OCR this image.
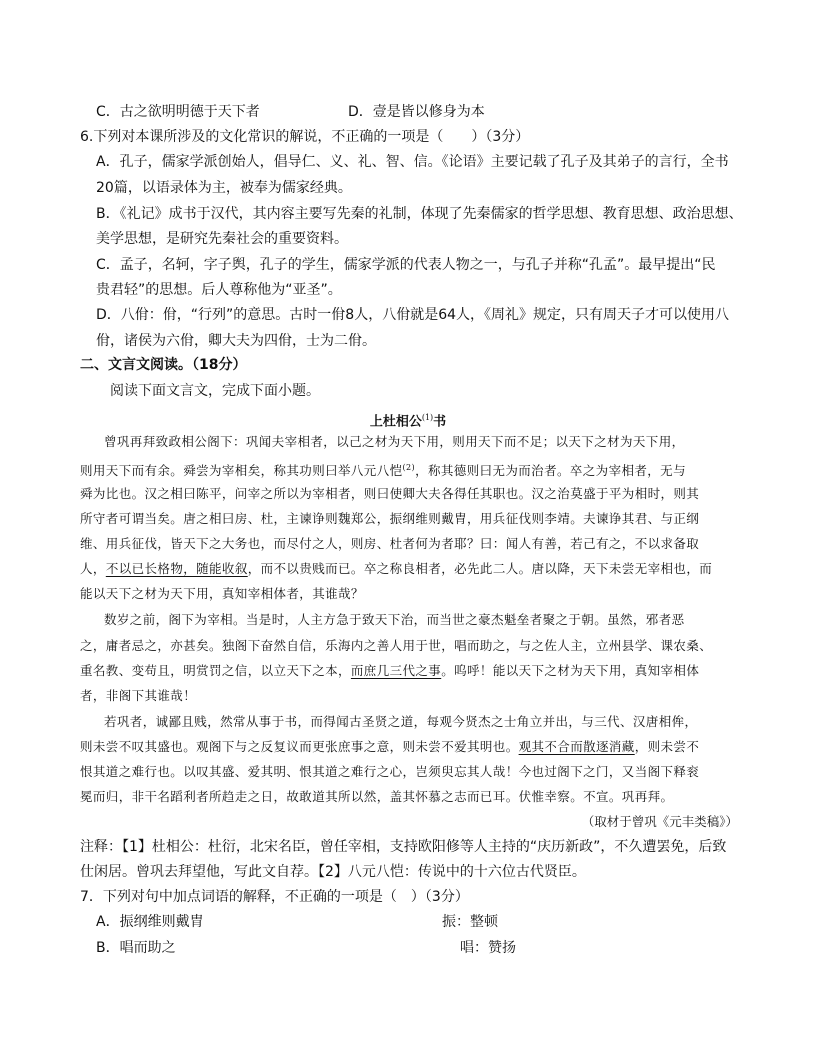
C．古之欲明明德于天下者	D．壹是皆以修身为本
6.下列对本课所涉及的文化常识的解说，不正确的一项是（　　）（3分）
A．孔子，儒家学派创始人，倡导仁、义、礼、智、信。《论语》主要记载了孔子及其弟子的言行，全书
20篇，以语录体为主，被奉为儒家经典。
B．《礼记》成书于汉代，其内容主要写先秦的礼制，体现了先秦儒家的哲学思想、教育思想、政治思想、
美学思想，是研究先秦社会的重要资料。
C．孟子，名轲，字子舆，孔子的学生，儒家学派的代表人物之一，与孔子并称“孔孟”。最早提出“民
贵君轻”的思想。后人尊称他为“亚圣”。
D．八佾：佾，“行列”的意思。古时一佾8人，八佾就是64人，《周礼》规定，只有周天子才可以使用八
佾，诸侯为六佾，卿大夫为四佾，士为二佾。
二、文言文阅读。（18分）
阅读下面文言文，完成下面小题。
上杜相公$^{(1)}$书
曾巩再拜致政相公阁下：巩闻夫宰相者，以己之材为天下用，则用天下而不足；以天下之材为天下用，
则用天下而有余。舜尝为宰相矣，称其功则曰举八元八恺$^{(2)}$，称其德则曰无为而治者。卒之为宰相者，无与
舜为比也。汉之相曰陈平，问宰之所以为宰相者，则曰使卿大夫各得任其职也。汉之治莫盛于平为相时，则其
所守者可谓当矣。唐之相曰房、杜，主谏诤则魏郑公，振纲维则戴胄，用兵征伐则李靖。夫谏诤其君、与正纲
维、用兵征伐，皆天下之大务也，而尽付之人，则房、杜者何为者耶？曰：闻人有善，若己有之，不以求备取
人，不以已长格物，随能收叙，而不以贵贱而已。卒之称良相者，必先此二人。唐以降，天下未尝无宰相也，而
能以天下之材为天下用，真知宰相体者，其谁哉？
数岁之前，阁下为宰相。当是时，人主方急于致天下治，而当世之豪杰魁垒者聚之于朝。虽然，邪者恶
之，庸者忌之，亦甚矣。独阁下奋然自信，乐海内之善人用于世，唱而助之，与之佐人主，立州县学、课农桑、
重名教、变苟且，明赏罚之信，以立天下之本，而庶几三代之事。呜呼！能以天下之材为天下用，真知宰相体
者，非阁下其谁哉！
若巩者，诚鄙且贱，然常从事于书，而得闻古圣贤之道，每观今贤杰之士角立并出，与三代、汉唐相侔，
则未尝不叹其盛也。观阁下与之反复议而更张庶事之意，则未尝不爱其明也。观其不合而散逐消藏，则未尝不
恨其道之难行也。以叹其盛、爱其明、恨其道之难行之心，岂须臾忘其人哉！今也过阁下之门，又当阁下释衮
冕而归，非干名蹈利者所趋走之日，故敢道其所以然，盖其怀慕之志而已耳。伏惟幸察。不宣。巩再拜。
（取材于曾巩《元丰类稿》）
注释：【1】杜相公：杜衍，北宋名臣，曾任宰相，支持欧阳修等人主持的“庆历新政”，不久遭罢免，后致
仕闲居。曾巩去拜望他，写此文自荐。【2】八元八恺：传说中的十六位古代贤臣。
7．下列对句中加点词语的解释，不正确的一项是（　）（3分）
A．振纲维则戴胄	振：整顿
B．唱而助之	唱：赞扬
